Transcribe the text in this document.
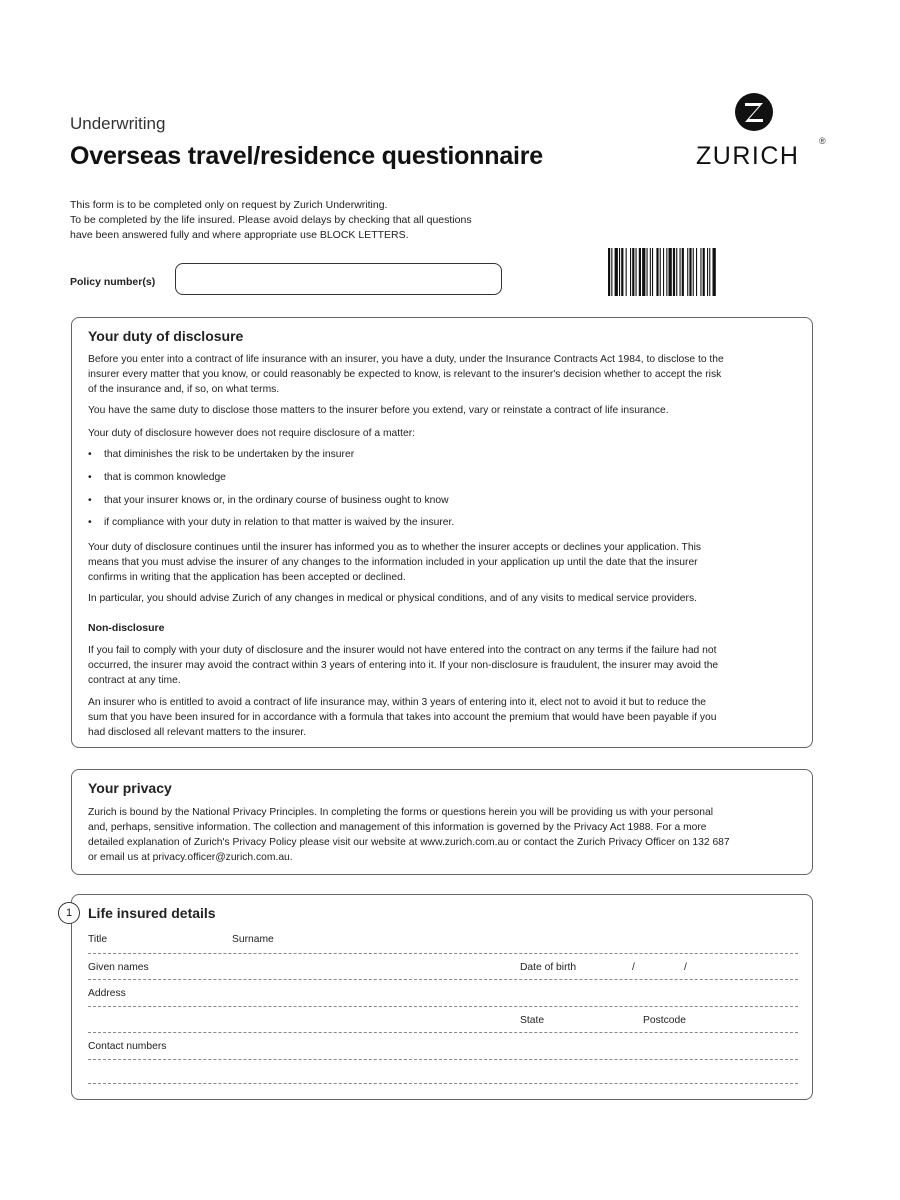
Underwriting
Overseas travel/residence questionnaire	ZURICH
®
This form is to be completed only on request by Zurich Underwriting.
To be completed by the life insured. Please avoid delays by checking that all questions
have been answered fully and where appropriate use BLOCK LETTERS.
Policy number(s)
Your duty of disclosure
Before you enter into a contract of life insurance with an insurer, you have a duty, under the Insurance Contracts Act 1984, to disclose to the
insurer every matter that you know, or could reasonably be expected to know, is relevant to the insurer's decision whether to accept the risk
of the insurance and, if so, on what terms.
You have the same duty to disclose those matters to the insurer before you extend, vary or reinstate a contract of life insurance.
Your duty of disclosure however does not require disclosure of a matter:
• that diminishes the risk to be undertaken by the insurer
• that is common knowledge
• that your insurer knows or, in the ordinary course of business ought to know
• if compliance with your duty in relation to that matter is waived by the insurer.
Your duty of disclosure continues until the insurer has informed you as to whether the insurer accepts or declines your application. This
means that you must advise the insurer of any changes to the information included in your application up until the date that the insurer
confirms in writing that the application has been accepted or declined.
In particular, you should advise Zurich of any changes in medical or physical conditions, and of any visits to medical service providers.
Non-disclosure
If you fail to comply with your duty of disclosure and the insurer would not have entered into the contract on any terms if the failure had not
occurred, the insurer may avoid the contract within 3 years of entering into it. If your non-disclosure is fraudulent, the insurer may avoid the
contract at any time.
An insurer who is entitled to avoid a contract of life insurance may, within 3 years of entering into it, elect not to avoid it but to reduce the
sum that you have been insured for in accordance with a formula that takes into account the premium that would have been payable if you
had disclosed all relevant matters to the insurer.
Your privacy
Zurich is bound by the National Privacy Principles. In completing the forms or questions herein you will be providing us with your personal
and, perhaps, sensitive information. The collection and management of this information is governed by the Privacy Act 1988. For a more
detailed explanation of Zurich's Privacy Policy please visit our website at www.zurich.com.au or contact the Zurich Privacy Officer on 132 687
or email us at privacy.officer@zurich.com.au.
Life insured details
Title	Surname
Given names	Date of birth	/	/
Address
State	Postcode
Contact numbers
1
